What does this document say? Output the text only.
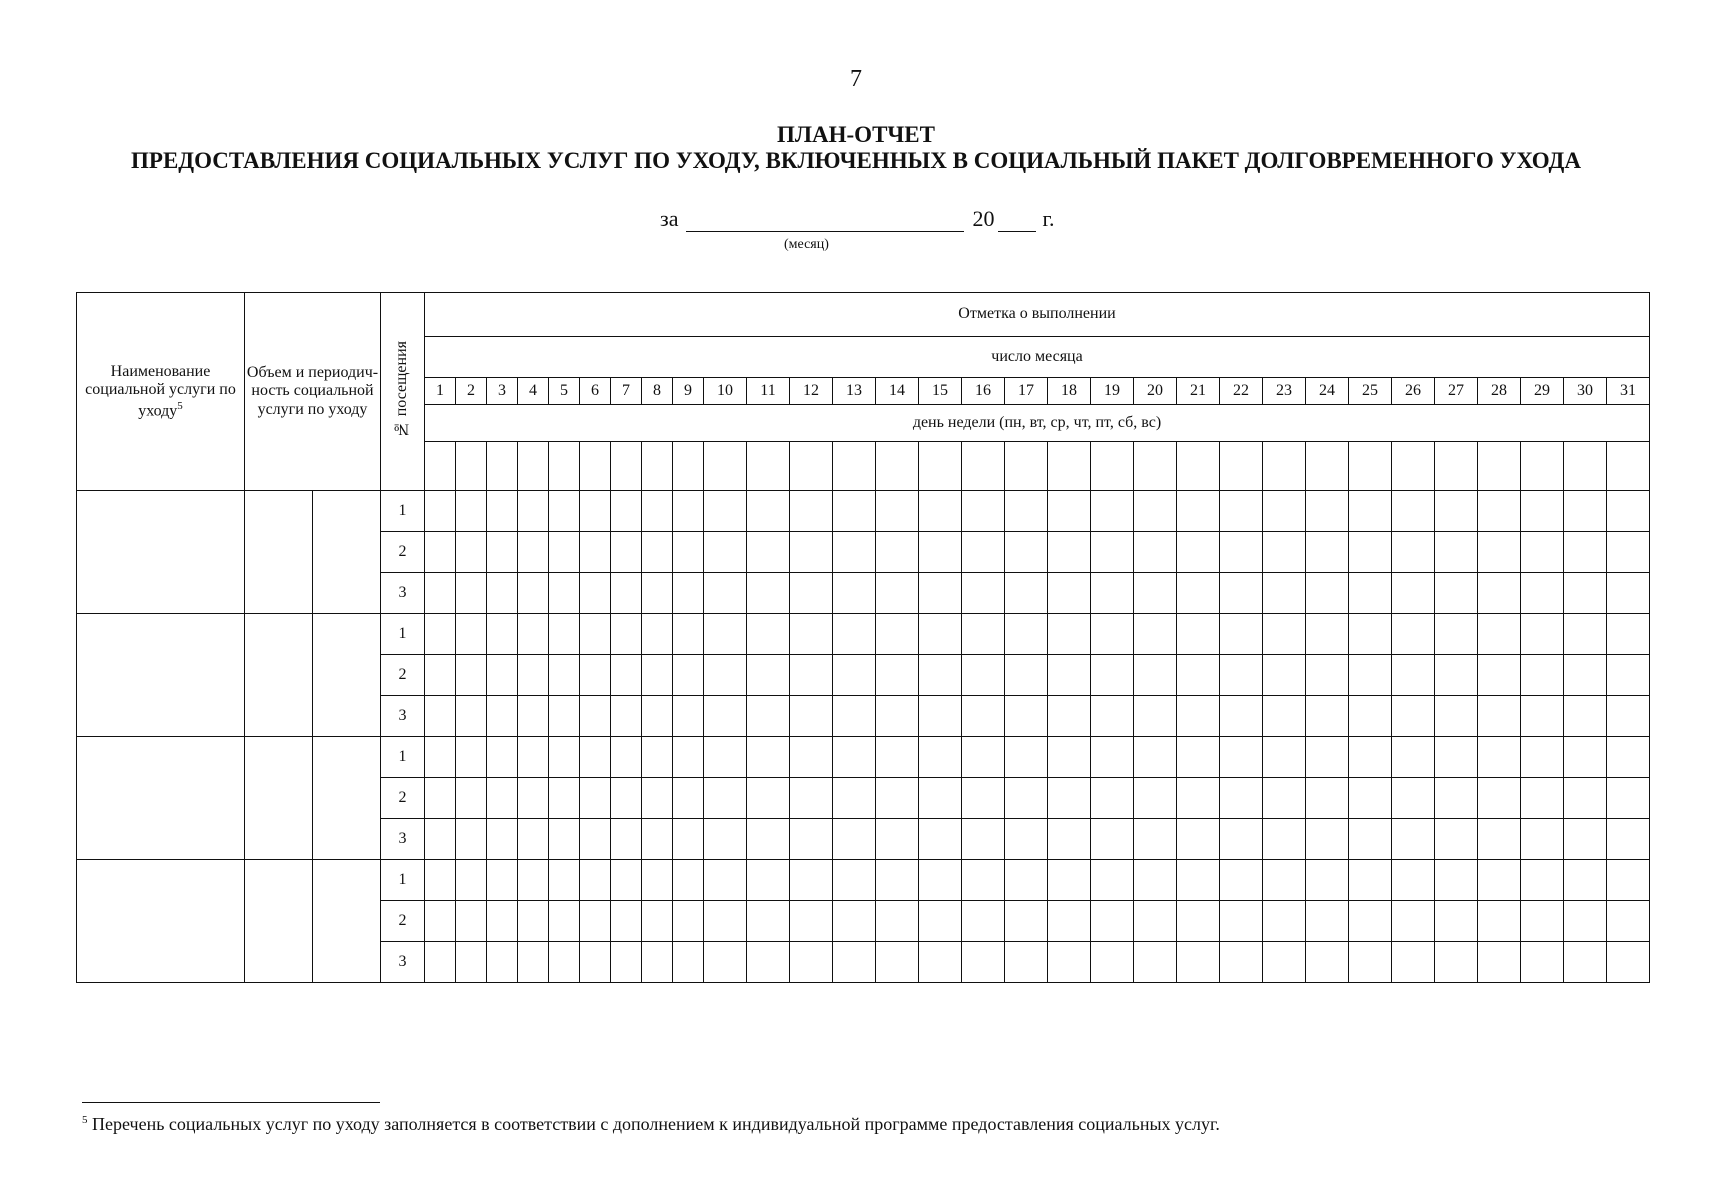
7
ПЛАН-ОТЧЕТ
ПРЕДОСТАВЛЕНИЯ СОЦИАЛЬНЫХ УСЛУГ ПО УХОДУ, ВКЛЮЧЕННЫХ В СОЦИАЛЬНЫЙ ПАКЕТ ДОЛГОВРЕМЕННОГО УХОДА
за	20 г.
(месяц)
Наименование социальной услуги по уходу$^5$	Объем и периодич-ность социальной услуги по уходу		№ посещения	Отметка о выполнении																														
				число месяца																														
				1	2	3	4	5	6	7	8	9	10	11	12	13	14	15	16	17	18	19	20	21	22	23	24	25	26	27	28	29	30	31
				день недели (пн, вт, ср, чт, пт, сб, вс)																														

			1																															
			2																															
			3																															
			1																															
			2																															
			3																															
			1																															
			2																															
			3																															
			1																															
			2																															
			3																															
$^5$ Перечень социальных услуг по уходу заполняется в соответствии с дополнением к индивидуальной программе предоставления социальных услуг.
